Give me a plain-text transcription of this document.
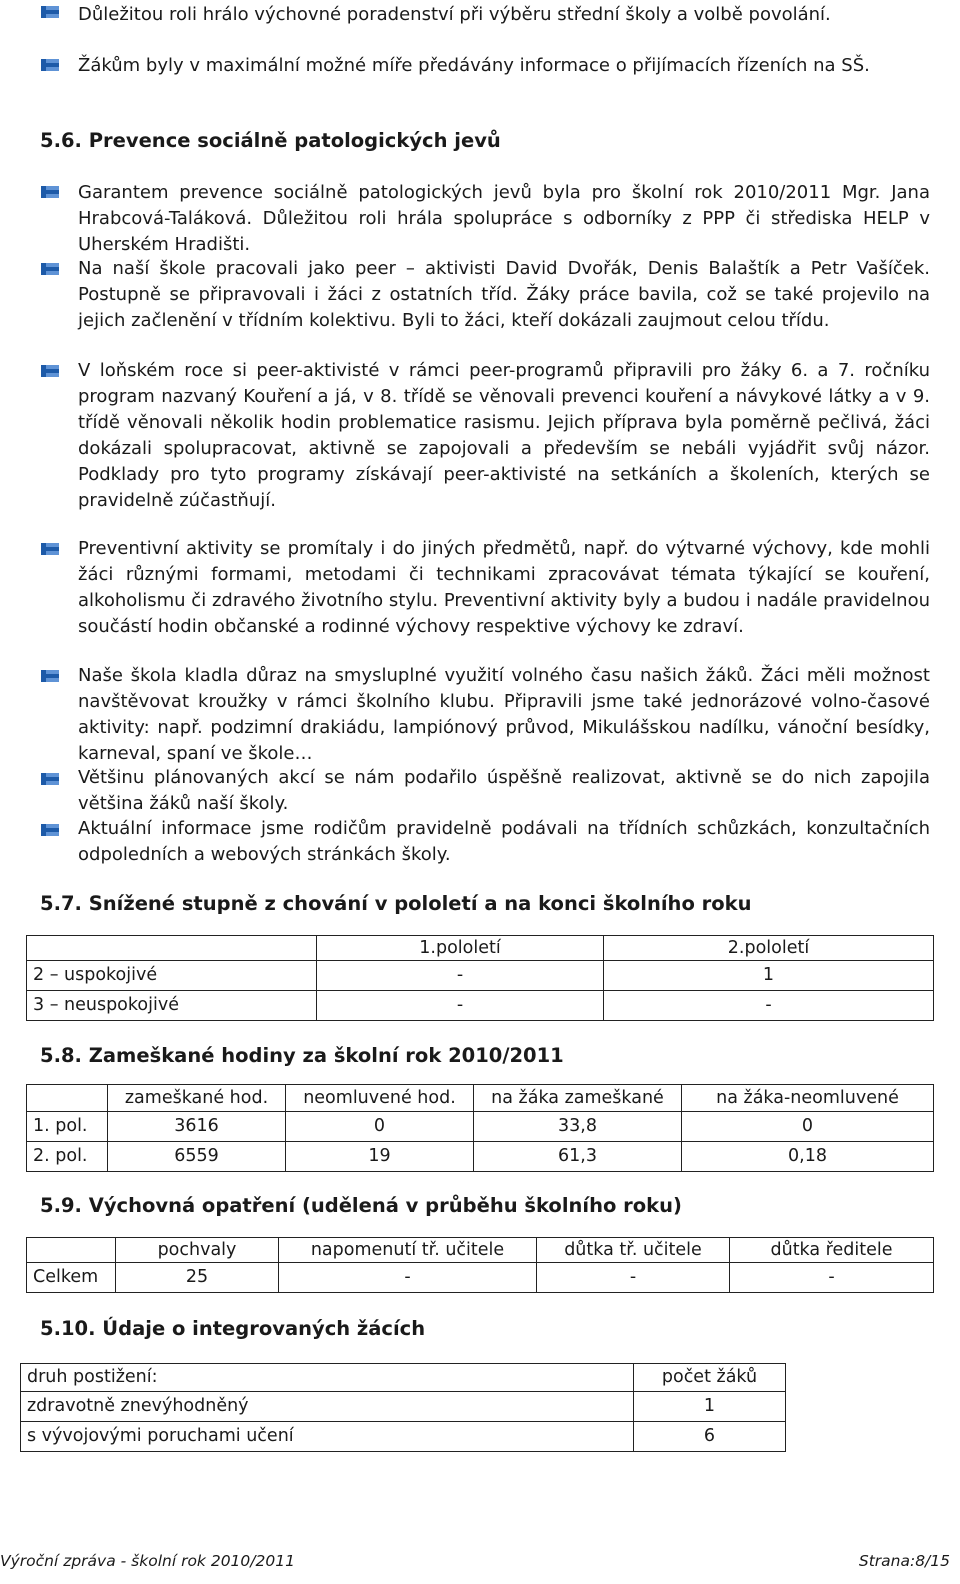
Důležitou roli hrálo výchovné poradenství při výběru střední školy a volbě povolání.
Žákům byly v maximální možné míře předávány informace o přijímacích řízeních na SŠ.
5.6. Prevence sociálně patologických jevů
Garantem prevence sociálně patologických jevů byla pro školní rok 2010/2011 Mgr. Jana Hrabcová-Taláková. Důležitou roli hrála spolupráce s odborníky z PPP či střediska HELP v Uherském Hradišti.
Na naší škole pracovali jako peer – aktivisti David Dvořák, Denis Balaštík a Petr Vašíček. Postupně se připravovali i žáci z ostatních tříd. Žáky práce bavila, což se také projevilo na jejich začlenění v třídním kolektivu. Byli to žáci, kteří dokázali zaujmout celou třídu.
V loňském roce si peer-aktivisté v rámci peer-programů připravili pro žáky 6. a 7. ročníku program nazvaný Kouření a já, v 8. třídě se věnovali prevenci kouření a návykové látky a v 9. třídě věnovali několik hodin problematice rasismu. Jejich příprava byla poměrně pečlivá, žáci dokázali spolupracovat, aktivně se zapojovali a především se nebáli vyjádřit svůj názor. Podklady pro tyto programy získávají peer-aktivisté na setkáních a školeních, kterých se pravidelně zúčastňují.
Preventivní aktivity se promítaly i do jiných předmětů, např. do výtvarné výchovy, kde mohli žáci různými formami, metodami či technikami zpracovávat témata týkající se kouření, alkoholismu či zdravého životního stylu. Preventivní aktivity byly a budou i nadále pravidelnou součástí hodin občanské a rodinné výchovy respektive výchovy ke zdraví.
Naše škola kladla důraz na smysluplné využití volného času našich žáků. Žáci měli možnost navštěvovat kroužky v rámci školního klubu. Připravili jsme také jednorázové volno-časové aktivity: např. podzimní drakiádu, lampiónový průvod, Mikulášskou nadílku, vánoční besídky, karneval, spaní ve škole…
Většinu plánovaných akcí se nám podařilo úspěšně realizovat, aktivně se do nich zapojila většina žáků naší školy.
Aktuální informace jsme rodičům pravidelně podávali na třídních schůzkách, konzultačních odpoledních a webových stránkách školy.
5.7. Snížené stupně z chování v pololetí a na konci školního roku
	1.pololetí	2.pololetí
2 – uspokojivé	-	1
3 – neuspokojivé	-	-
5.8. Zameškané hodiny za školní rok 2010/2011
	zameškané hod.	neomluvené hod.	na žáka zameškané	na žáka-neomluvené
1. pol.	3616	0	33,8	0
2. pol.	6559	19	61,3	0,18
5.9. Výchovná opatření (udělená v průběhu školního roku)
	pochvaly	napomenutí tř. učitele	důtka tř. učitele	důtka ředitele
Celkem	25	-	-	-
5.10. Údaje o integrovaných žácích
druh postižení:	počet žáků
zdravotně znevýhodněný	1
s vývojovými poruchami učení	6
Výroční zpráva - školní rok 2010/2011	Strana:8/15
